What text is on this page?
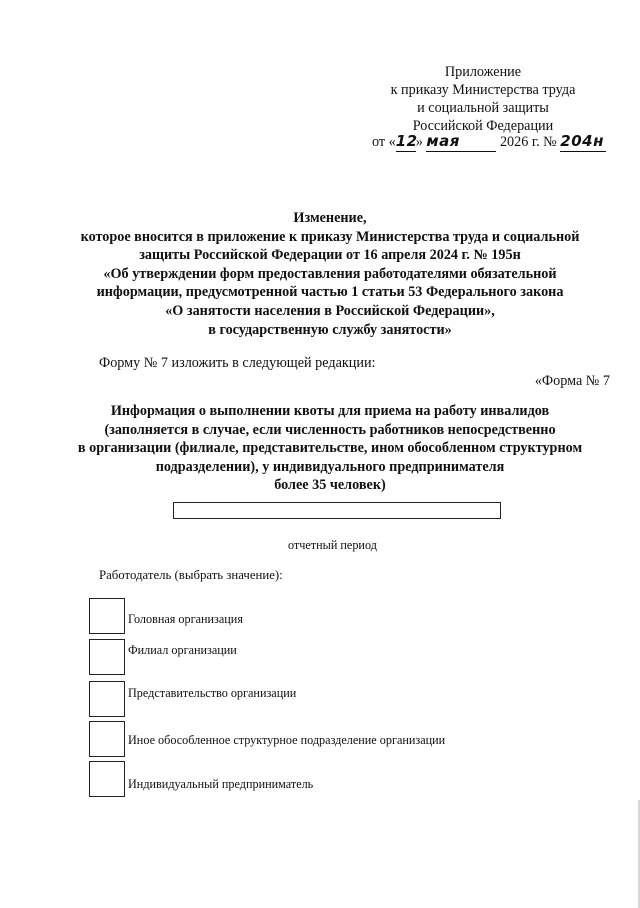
Приложение
к приказу Министерства труда
и социальной защиты
Российской Федерации
от «12» мая	2026 г. № 204н
Изменение,
которое вносится в приложение к приказу Министерства труда и социальной
защиты Российской Федерации от 16 апреля 2024 г. № 195н
«Об утверждении форм предоставления работодателями обязательной
информации, предусмотренной частью 1 статьи 53 Федерального закона
«О занятости населения в Российской Федерации»,
в государственную службу занятости»
Форму № 7 изложить в следующей редакции:
«Форма № 7
Информация о выполнении квоты для приема на работу инвалидов
(заполняется в случае, если численность работников непосредственно
в организации (филиале, представительстве, ином обособленном структурном
подразделении), у индивидуального предпринимателя
более 35 человек)
отчетный период
Работодатель (выбрать значение):
Головная организация
Филиал организации
Представительство организации
Иное обособленное структурное подразделение организации
Индивидуальный предприниматель
